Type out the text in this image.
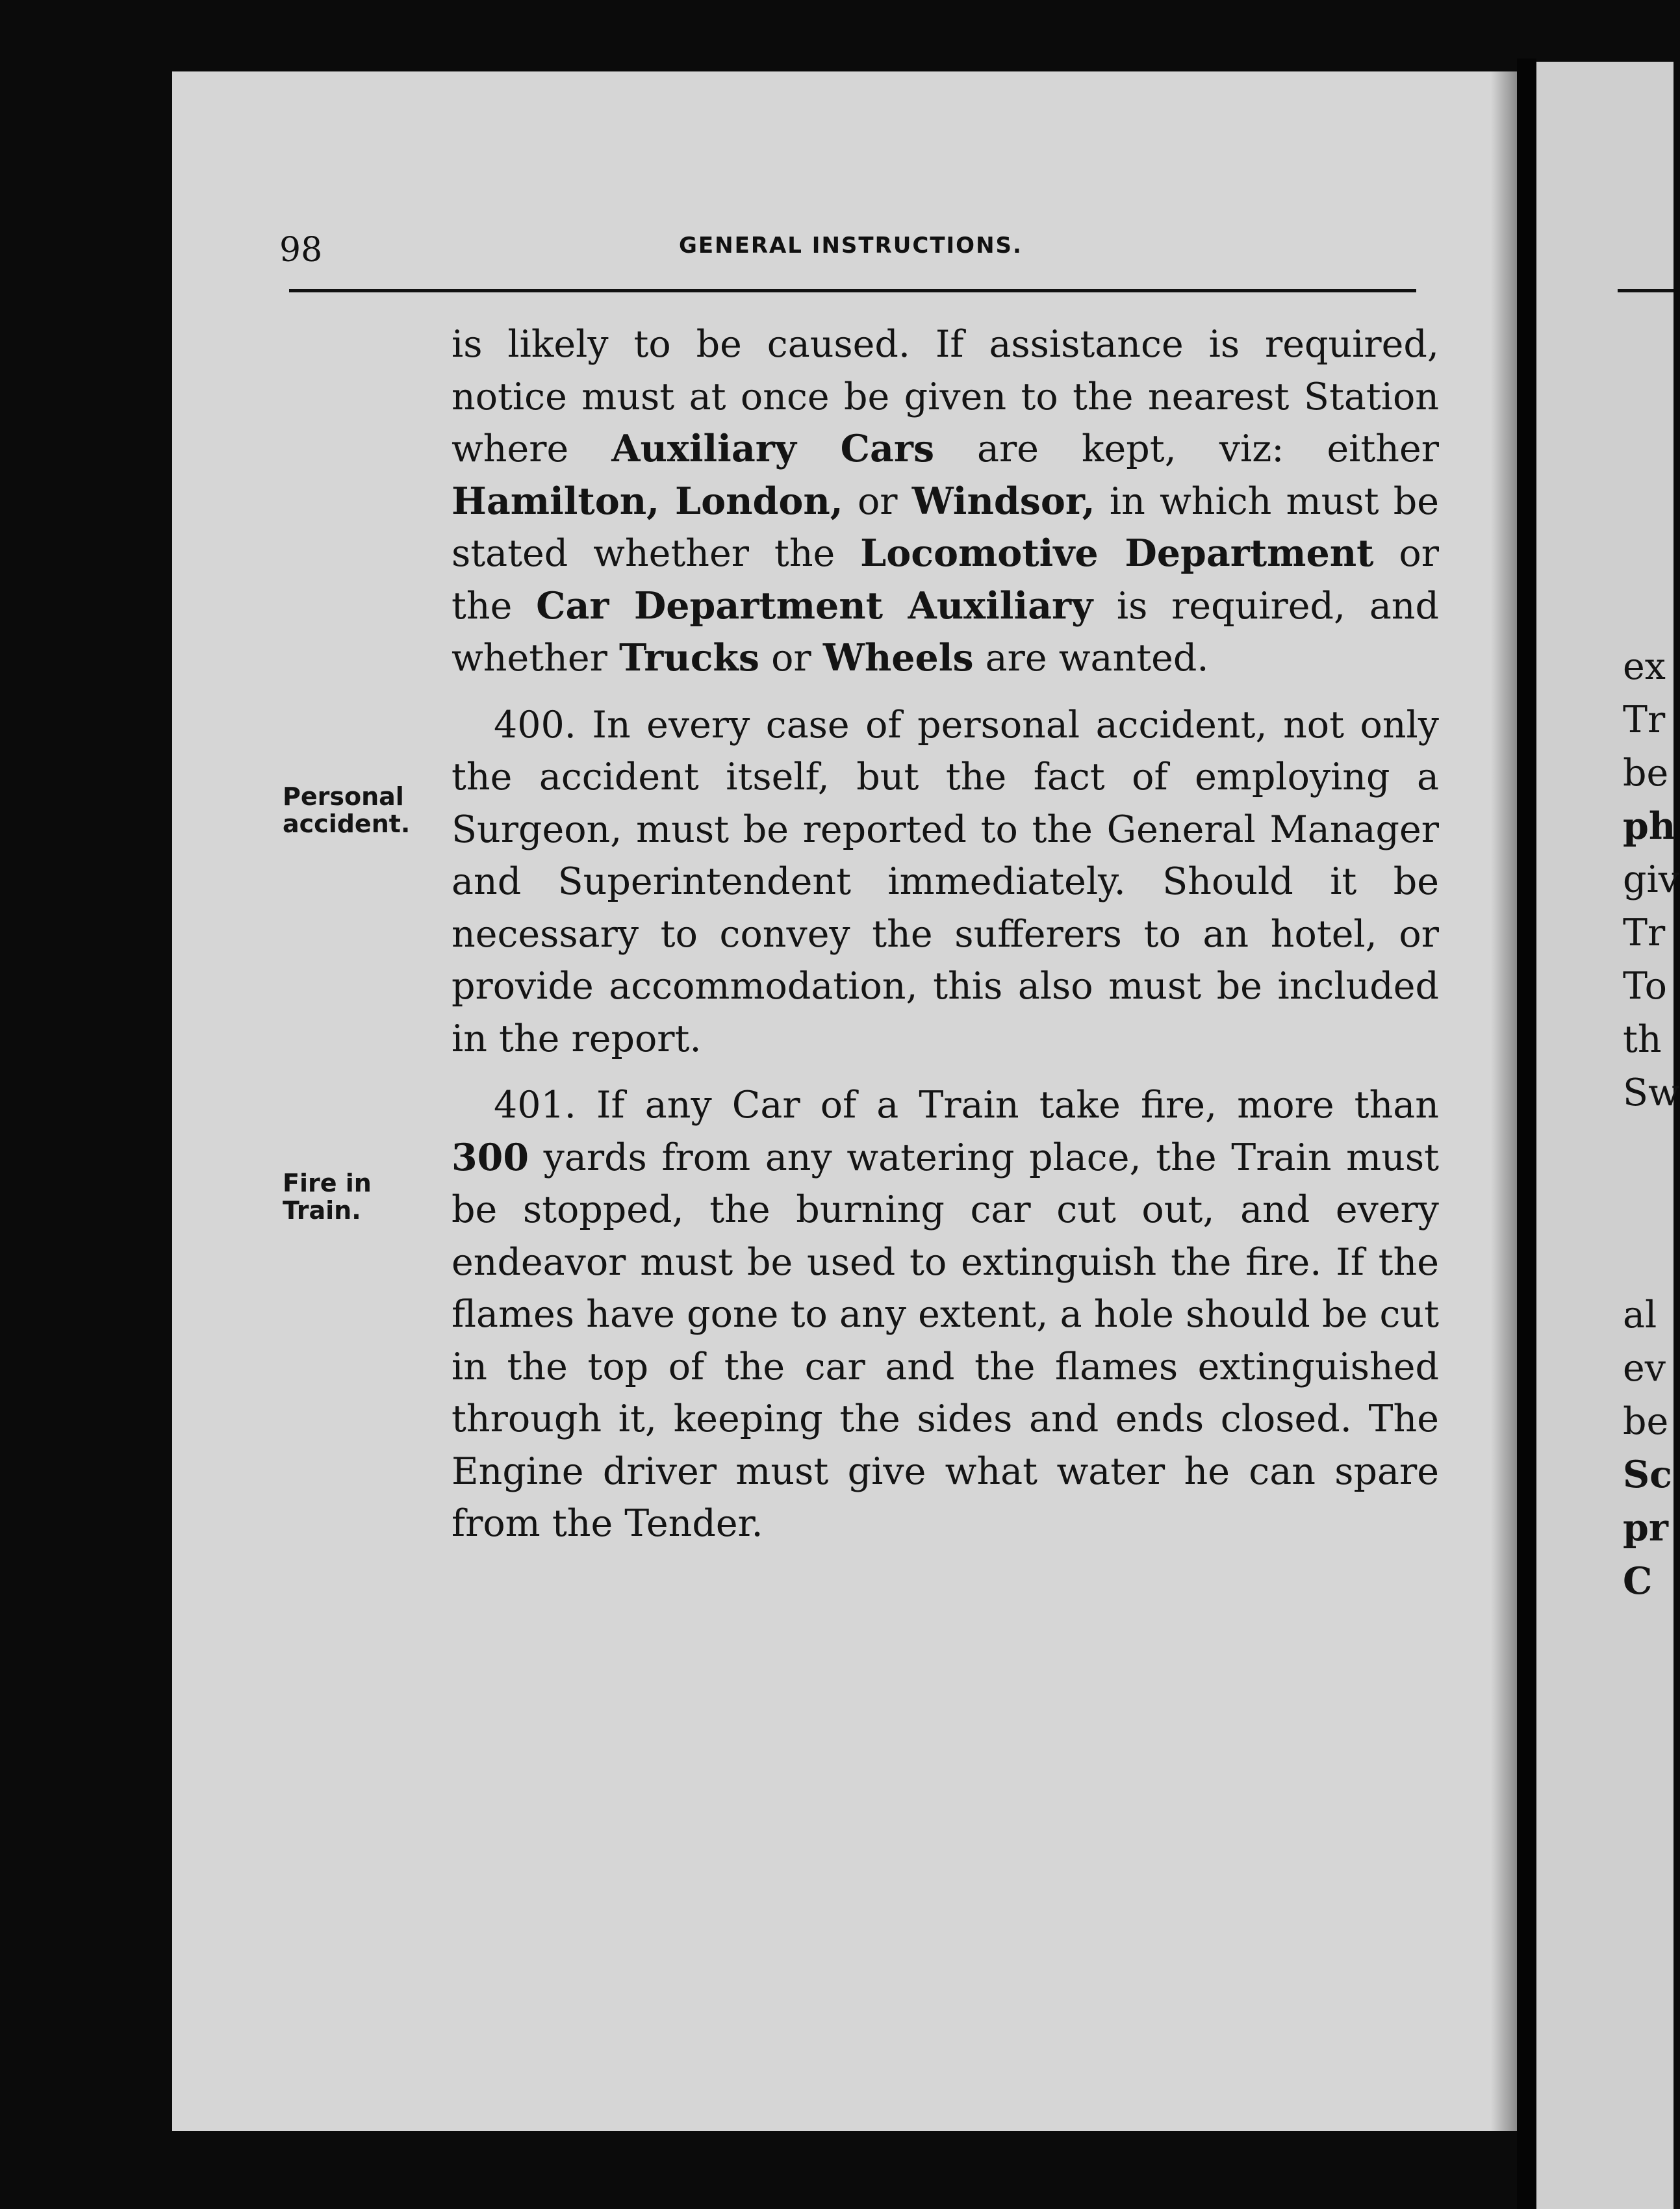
98	GENERAL INSTRUCTIONS.

is likely to be caused. If assistance is required, notice must at once be given to the nearest Station where Auxiliary Cars are kept, viz: either Hamilton, London, or Windsor, in which must be stated whether the Locomotive Department or the Car Department Auxiliary is required, and whether Trucks or Wheels are wanted.

400. In every case of personal accident, not only the accident itself, but the fact of employing a Surgeon, must be reported to the General Manager and Superintendent immediately. Should it be necessary to convey the sufferers to an hotel, or provide accommodation, this also must be included in the report.

401. If any Car of a Train take fire, more than 300 yards from any watering place, the Train must be stopped, the burning car cut out, and every endeavor must be used to extinguish the fire. If the flames have gone to any extent, a hole should be cut in the top of the car and the flames extinguished through it, keeping the sides and ends closed. The Engine driver must give what water he can spare from the Tender.

Personal accident.
Fire in Train.
ex
Tr
be
ph
giv
Tr
To
th
Sw
al
ev
be
Sc
pr
C
